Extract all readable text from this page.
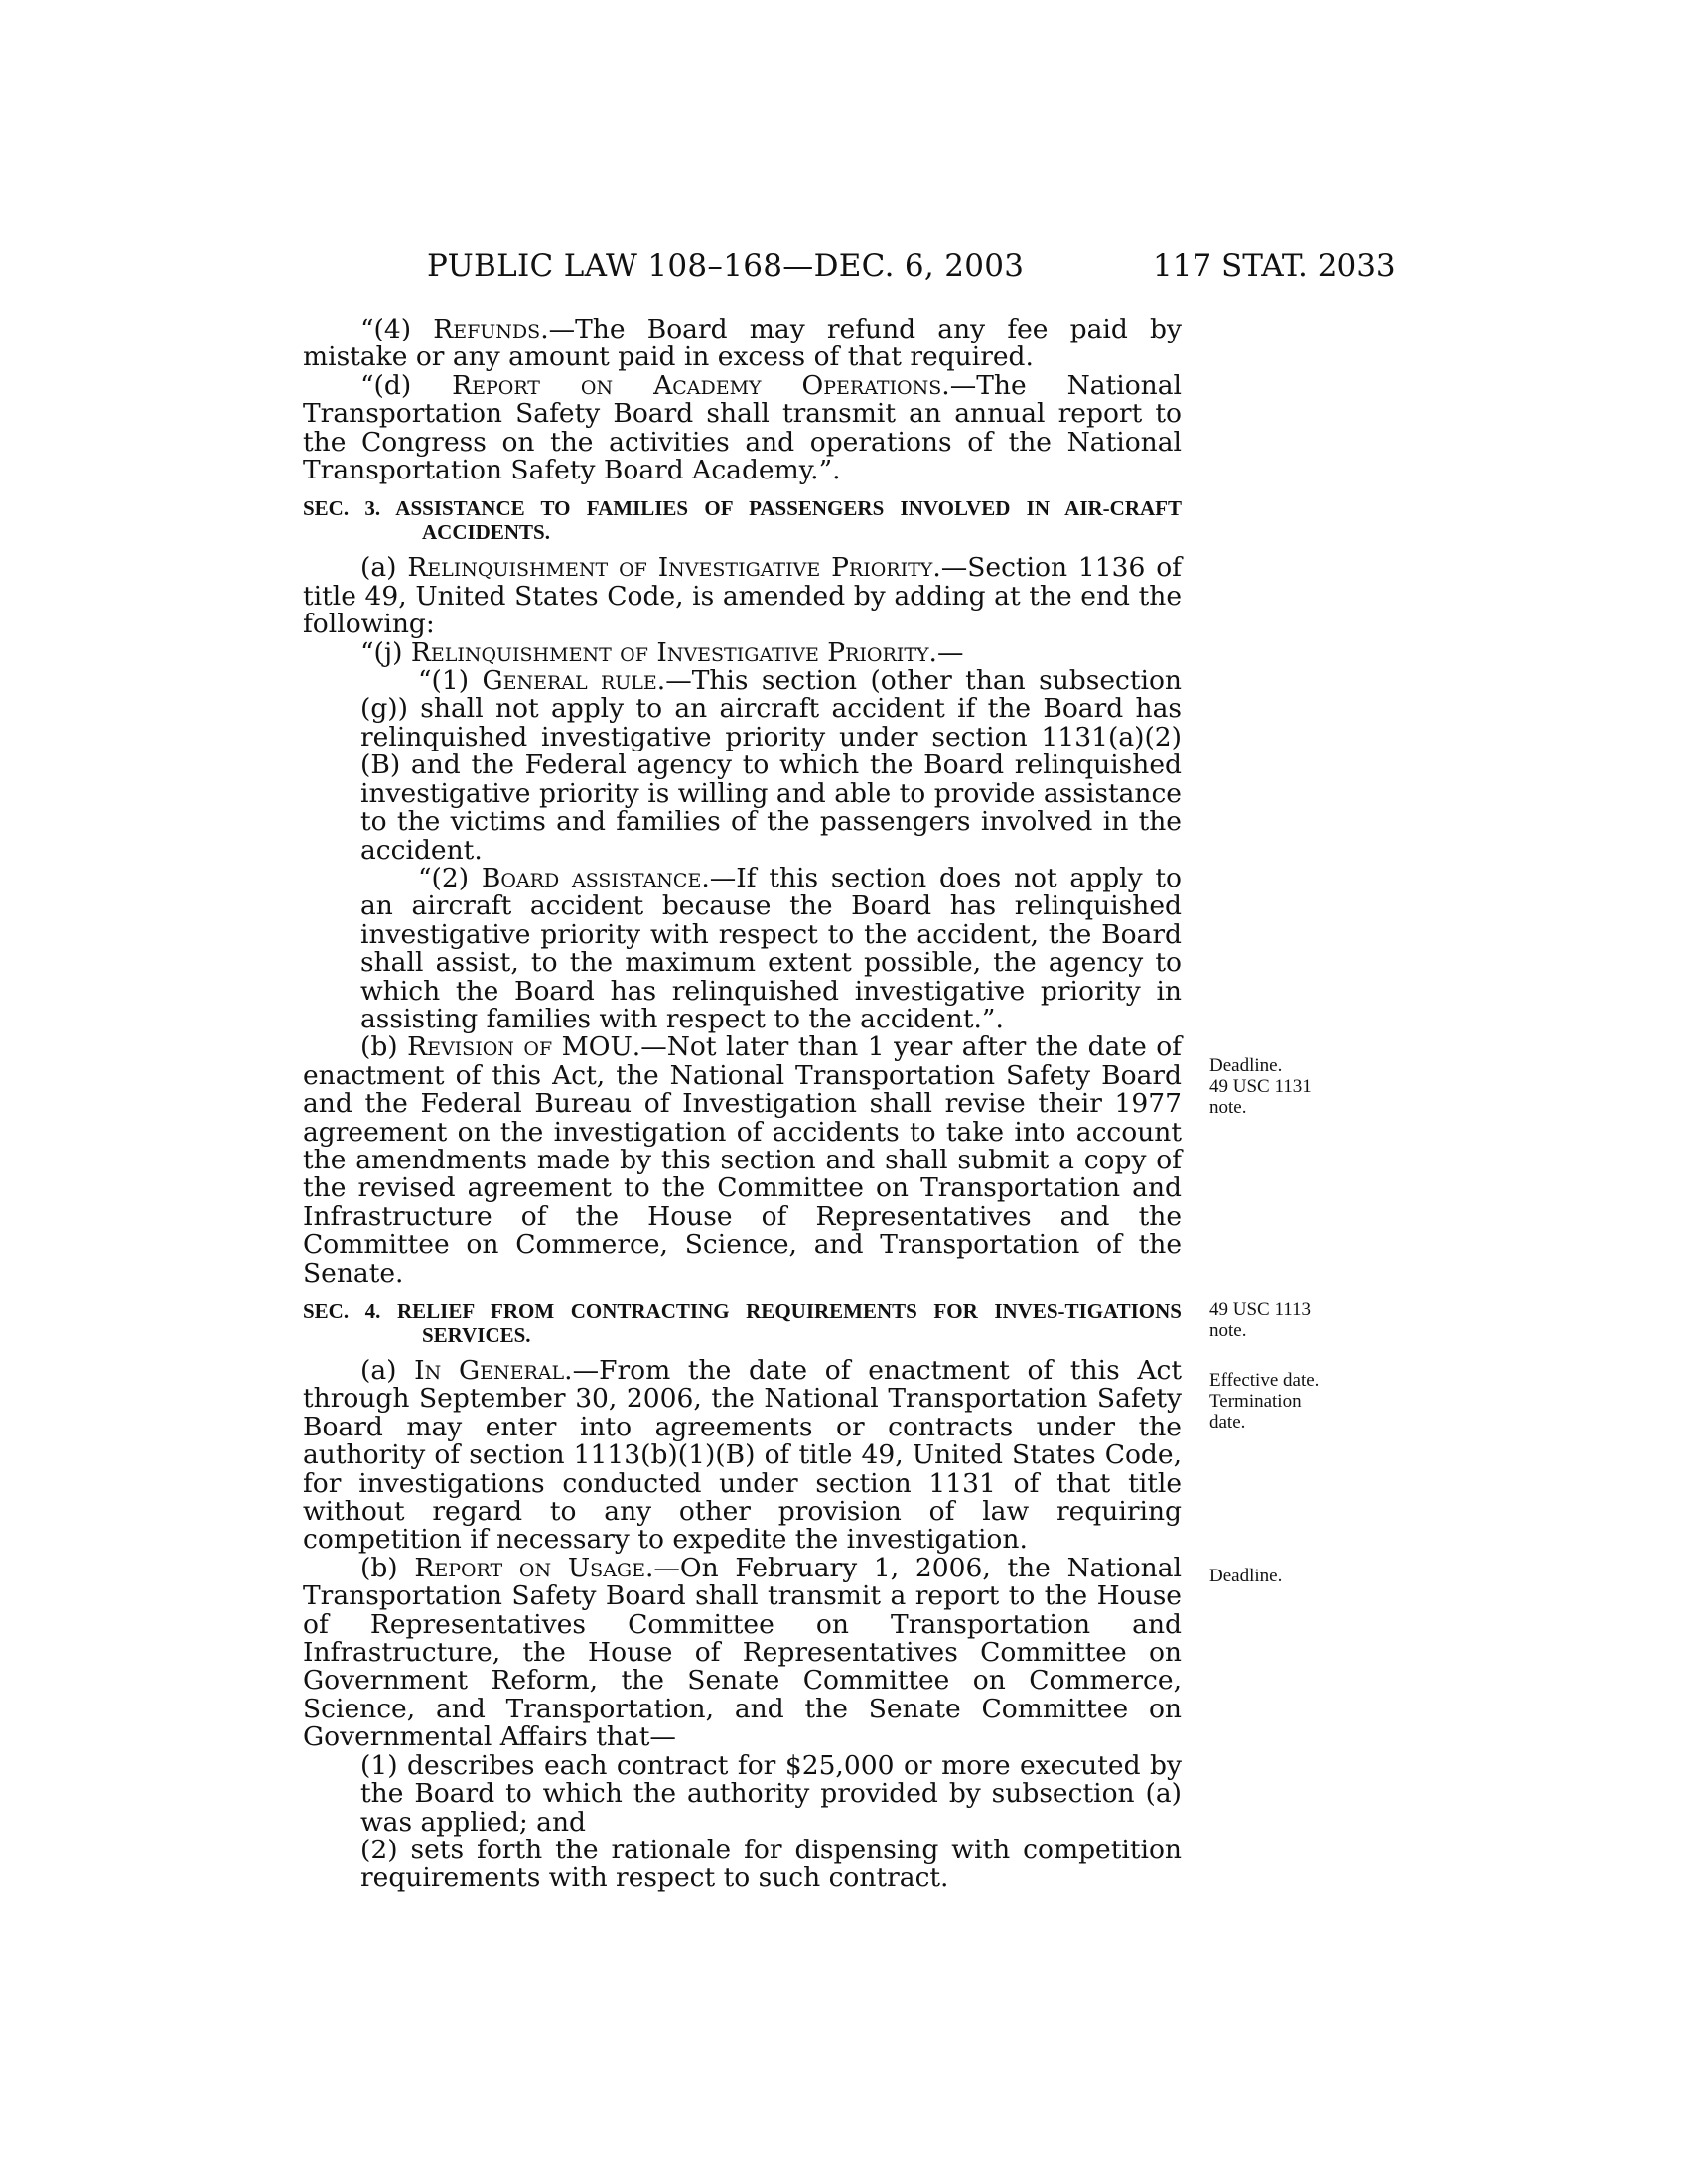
PUBLIC LAW 108–168—DEC. 6, 2003	117 STAT. 2033

“(4) Refunds.—The Board may refund any fee paid by mistake or any amount paid in excess of that required.

“(d) Report on Academy Operations.—The National Transportation Safety Board shall transmit an annual report to the Congress on the activities and operations of the National Transportation Safety Board Academy.”.

SEC. 3. ASSISTANCE TO FAMILIES OF PASSENGERS INVOLVED IN AIR-CRAFT ACCIDENTS.

(a) Relinquishment of Investigative Priority.—Section 1136 of title 49, United States Code, is amended by adding at the end the following:

“(j) Relinquishment of Investigative Priority.—

“(1) General rule.—This section (other than subsection (g)) shall not apply to an aircraft accident if the Board has relinquished investigative priority under section 1131(a)(2)(B) and the Federal agency to which the Board relinquished investigative priority is willing and able to provide assistance to the victims and families of the passengers involved in the accident.

“(2) Board assistance.—If this section does not apply to an aircraft accident because the Board has relinquished investigative priority with respect to the accident, the Board shall assist, to the maximum extent possible, the agency to which the Board has relinquished investigative priority in assisting families with respect to the accident.”.

(b) Revision of MOU.—Not later than 1 year after the date of enactment of this Act, the National Transportation Safety Board and the Federal Bureau of Investigation shall revise their 1977 agreement on the investigation of accidents to take into account the amendments made by this section and shall submit a copy of the revised agreement to the Committee on Transportation and Infrastructure of the House of Representatives and the Committee on Commerce, Science, and Transportation of the Senate.

SEC. 4. RELIEF FROM CONTRACTING REQUIREMENTS FOR INVES-TIGATIONS SERVICES.

(a) In General.—From the date of enactment of this Act through September 30, 2006, the National Transportation Safety Board may enter into agreements or contracts under the authority of section 1113(b)(1)(B) of title 49, United States Code, for investigations conducted under section 1131 of that title without regard to any other provision of law requiring competition if necessary to expedite the investigation.

(b) Report on Usage.—On February 1, 2006, the National Transportation Safety Board shall transmit a report to the House of Representatives Committee on Transportation and Infrastructure, the House of Representatives Committee on Government Reform, the Senate Committee on Commerce, Science, and Transportation, and the Senate Committee on Governmental Affairs that—

(1) describes each contract for $25,000 or more executed by the Board to which the authority provided by subsection (a) was applied; and

(2) sets forth the rationale for dispensing with competition requirements with respect to such contract.

Deadline.
49 USC 1131
note.
49 USC 1113
note.
Effective date.
Termination
date.
Deadline.
